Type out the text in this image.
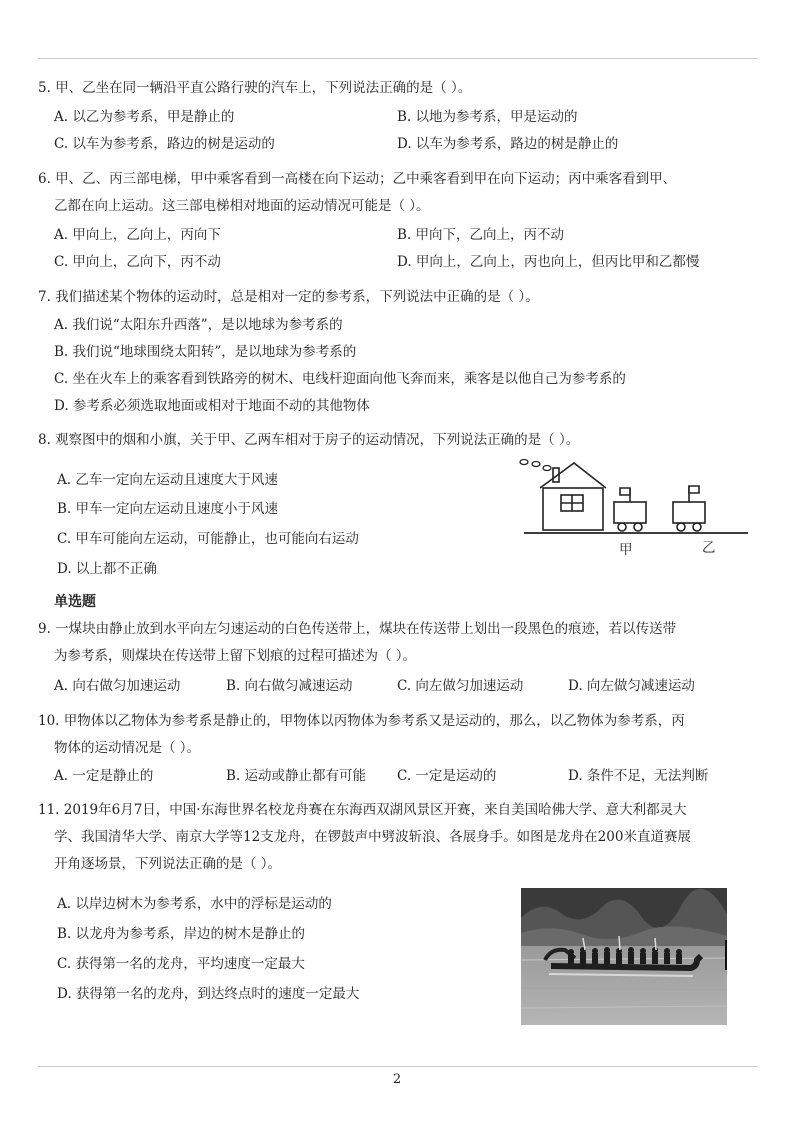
5. 甲、乙坐在同一辆沿平直公路行驶的汽车上，下列说法正确的是（ ）。
A. 以乙为参考系，甲是静止的	B. 以地为参考系，甲是运动的
C. 以车为参考系，路边的树是运动的	D. 以车为参考系，路边的树是静止的
6. 甲、乙、丙三部电梯，甲中乘客看到一高楼在向下运动；乙中乘客看到甲在向下运动；丙中乘客看到甲、
乙都在向上运动。这三部电梯相对地面的运动情况可能是（ ）。
A. 甲向上，乙向上，丙向下	B. 甲向下，乙向上，丙不动
C. 甲向上，乙向下，丙不动	D. 甲向上，乙向上，丙也向上，但丙比甲和乙都慢
7. 我们描述某个物体的运动时，总是相对一定的参考系，下列说法中正确的是（ ）。
A. 我们说“太阳东升西落”，是以地球为参考系的
B. 我们说“地球围绕太阳转”，是以地球为参考系的
C. 坐在火车上的乘客看到铁路旁的树木、电线杆迎面向他飞奔而来，乘客是以他自己为参考系的
D. 参考系必须选取地面或相对于地面不动的其他物体
8. 观察图中的烟和小旗，关于甲、乙两车相对于房子的运动情况，下列说法正确的是（ ）。
A. 乙车一定向左运动且速度大于风速
B. 甲车一定向左运动且速度小于风速
C. 甲车可能向左运动，可能静止，也可能向右运动
D. 以上都不正确
甲	乙
单选题
9. 一煤块由静止放到水平向左匀速运动的白色传送带上，煤块在传送带上划出一段黑色的痕迹，若以传送带
为参考系，则煤块在传送带上留下划痕的过程可描述为（ ）。
A. 向右做匀加速运动	B. 向右做匀减速运动	C. 向左做匀加速运动	D. 向左做匀减速运动
10. 甲物体以乙物体为参考系是静止的，甲物体以丙物体为参考系又是运动的，那么，以乙物体为参考系，丙
物体的运动情况是（ ）。
A. 一定是静止的	B. 运动或静止都有可能 C. 一定是运动的	D. 条件不足，无法判断
11. 2019年6月7日，中国·东海世界名校龙舟赛在东海西双湖风景区开赛，来自美国哈佛大学、意大利都灵大
学、我国清华大学、南京大学等12支龙舟，在锣鼓声中劈波斩浪、各展身手。如图是龙舟在200米直道赛展
开角逐场景，下列说法正确的是（ ）。
A. 以岸边树木为参考系，水中的浮标是运动的
B. 以龙舟为参考系，岸边的树木是静止的
C. 获得第一名的龙舟，平均速度一定最大
D. 获得第一名的龙舟，到达终点时的速度一定最大
2
